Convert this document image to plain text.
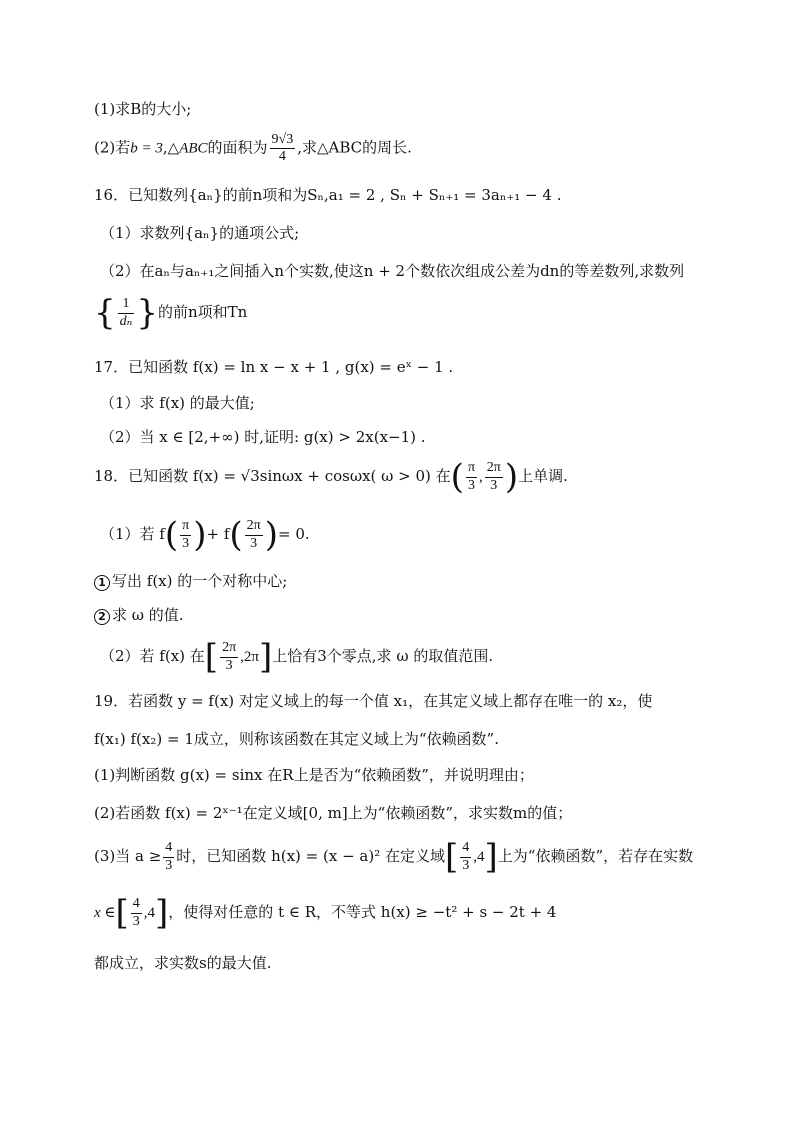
(1)求B的大小;
(2)若b = 3,△ABC的面积为 $\frac{9√3}{4}$ ,求△ABC的周长.
16．已知数列{aₙ}的前n项和为Sₙ,a₁ = 2 , Sₙ + Sₙ₊₁ = 3aₙ₊₁ − 4 .
（1）求数列{aₙ}的通项公式;
（2）在aₙ与aₙ₊₁之间插入n个实数,使这n + 2个数依次组成公差为dn的等差数列,求数列
{ $\frac{1}{\text{dₙ}}$ }的前n项和Tn
17．已知函数 f(x) = ln x − x + 1 , g(x) = eˣ − 1 .
（1）求 f(x) 的最大值;
（2）当 x ∈ [2,+∞) 时,证明: g(x) > 2x(x−1) .
18．已知函数 f(x) = √3sinωx + cosωx( ω > 0) 在( $\frac{\pi}{3}$ , $\frac{2\pi}{3}$ )上单调.
（1）若 $f( \frac{\pi}{3}$ )+ $f( \frac{2\pi}{3}$ )= 0.
1 写出 f(x) 的一个对称中心;
2 求 ω 的值.
（2）若 f(x) 在[ $\frac{2\pi}{3} ,2\pi$]上恰有3个零点,求 ω 的取值范围.
19．若函数 y = f(x) 对定义域上的每一个值 x₁，在其定义域上都存在唯一的 x₂，使
f(x₁) f(x₂) = 1成立，则称该函数在其定义域上为“依赖函数”.
(1)判断函数 g(x) = sinx 在R上是否为“依赖函数”，并说明理由；
(2)若函数 f(x) = 2ˣ⁻¹在定义域[0, m]上为“依赖函数”，求实数m的值；
(3)当 $a \ge \frac{4}{3}$ 时，已知函数 h(x) = (x − a)² 在定义域[ $\frac{4}{3} ,4$]上为“依赖函数”，若存在实数
x ∈[ $\frac{4}{3} ,4$]，使得对任意的 t ∈ R，不等式 h(x) ≥ −t² + s − 2t + 4
都成立，求实数s的最大值.
